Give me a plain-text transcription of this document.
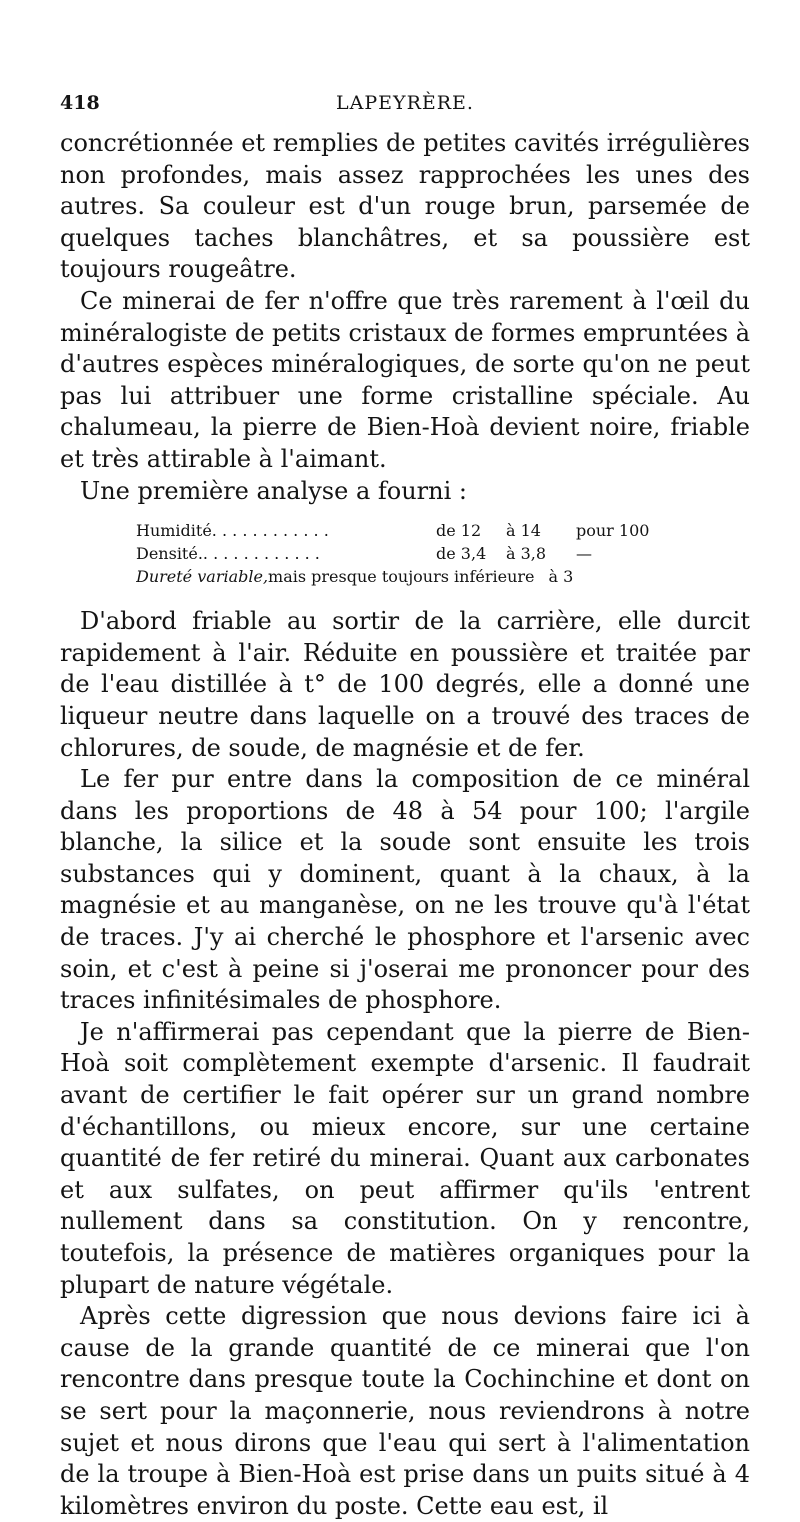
418	LAPEYRÈRE.

concrétionnée et remplies de petites cavités irrégulières non profondes, mais assez rapprochées les unes des autres. Sa couleur est d'un rouge brun, parsemée de quelques taches blanchâtres, et sa poussière est toujours rougeâtre.

Ce minerai de fer n'offre que très rarement à l'œil du minéralogiste de petits cristaux de formes empruntées à d'autres espèces minéralogiques, de sorte qu'on ne peut pas lui attribuer une forme cristalline spéciale. Au chalumeau, la pierre de Bien-Hoà devient noire, friable et très attirable à l'aimant.

Une première analyse a fourni :

Humidité. . . . . . . . . . . .	de 12	à 14	pour 100
Densité.. . . . . . . . . . . .	de 3,4	à 3,8	—
Dureté variable, mais presque toujours inférieure à 3

D'abord friable au sortir de la carrière, elle durcit rapidement à l'air. Réduite en poussière et traitée par de l'eau distillée à t° de 100 degrés, elle a donné une liqueur neutre dans laquelle on a trouvé des traces de chlorures, de soude, de magnésie et de fer.

Le fer pur entre dans la composition de ce minéral dans les proportions de 48 à 54 pour 100; l'argile blanche, la silice et la soude sont ensuite les trois substances qui y dominent, quant à la chaux, à la magnésie et au manganèse, on ne les trouve qu'à l'état de traces. J'y ai cherché le phosphore et l'arsenic avec soin, et c'est à peine si j'oserai me prononcer pour des traces infinitésimales de phosphore.

Je n'affirmerai pas cependant que la pierre de Bien-Hoà soit complètement exempte d'arsenic. Il faudrait avant de certifier le fait opérer sur un grand nombre d'échantillons, ou mieux encore, sur une certaine quantité de fer retiré du minerai. Quant aux carbonates et aux sulfates, on peut affirmer qu'ils 'entrent nullement dans sa constitution. On y rencontre, toutefois, la présence de matières organiques pour la plupart de nature végétale.

Après cette digression que nous devions faire ici à cause de la grande quantité de ce minerai que l'on rencontre dans presque toute la Cochinchine et dont on se sert pour la maçonnerie, nous reviendrons à notre sujet et nous dirons que l'eau qui sert à l'alimentation de la troupe à Bien-Hoà est prise dans un puits situé à 4 kilomètres environ du poste. Cette eau est, il
